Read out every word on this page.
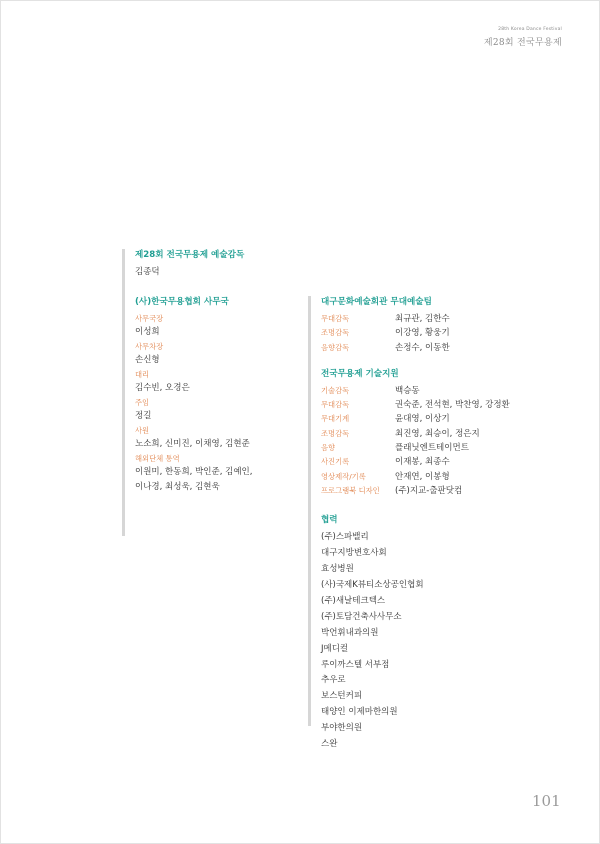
28th Korea Dance Festival
제28회 전국무용제
제28회 전국무용제 예술감독
김종덕
(사)한국무용협회 사무국
사무국장
이성희
사무차장
손신형
대리
김수빈, 오경은
주임
정길
사원
노소희, 신미진, 이채영, 김현준
해외단체 통역
이원미, 한동희, 박인준, 김예인,
이나경, 최성욱, 김현욱
대구문화예술회관 무대예술팀
무대감독	최규관, 김한수
조명감독	이강영, 황웅기
음향감독	손정수, 이동한
전국무용제 기술지원
기술감독	백승동
무대감독	권숙준, 전석현, 박찬영, 강정환
무대기계	윤대영, 이상기
조명감독	최진영, 최승이, 정은지
음향	플래닛엔트테이먼트
사진기록	이재봉, 최종수
영상제작/기록	안재연, 이봉형
프로그램북 디자인	(주)지교-출판닷컴
협력
(주)스파밸리
대구지방변호사회
효성병원
(사)국제K뷰티소상공인협회
(주)새날테크텍스
(주)토담건축사사무소
박언휘내과의원
J메디컬
루이까스텔 서부점
추우로
보스턴커피
태양인 이제마한의원
부야한의원
스완
101
